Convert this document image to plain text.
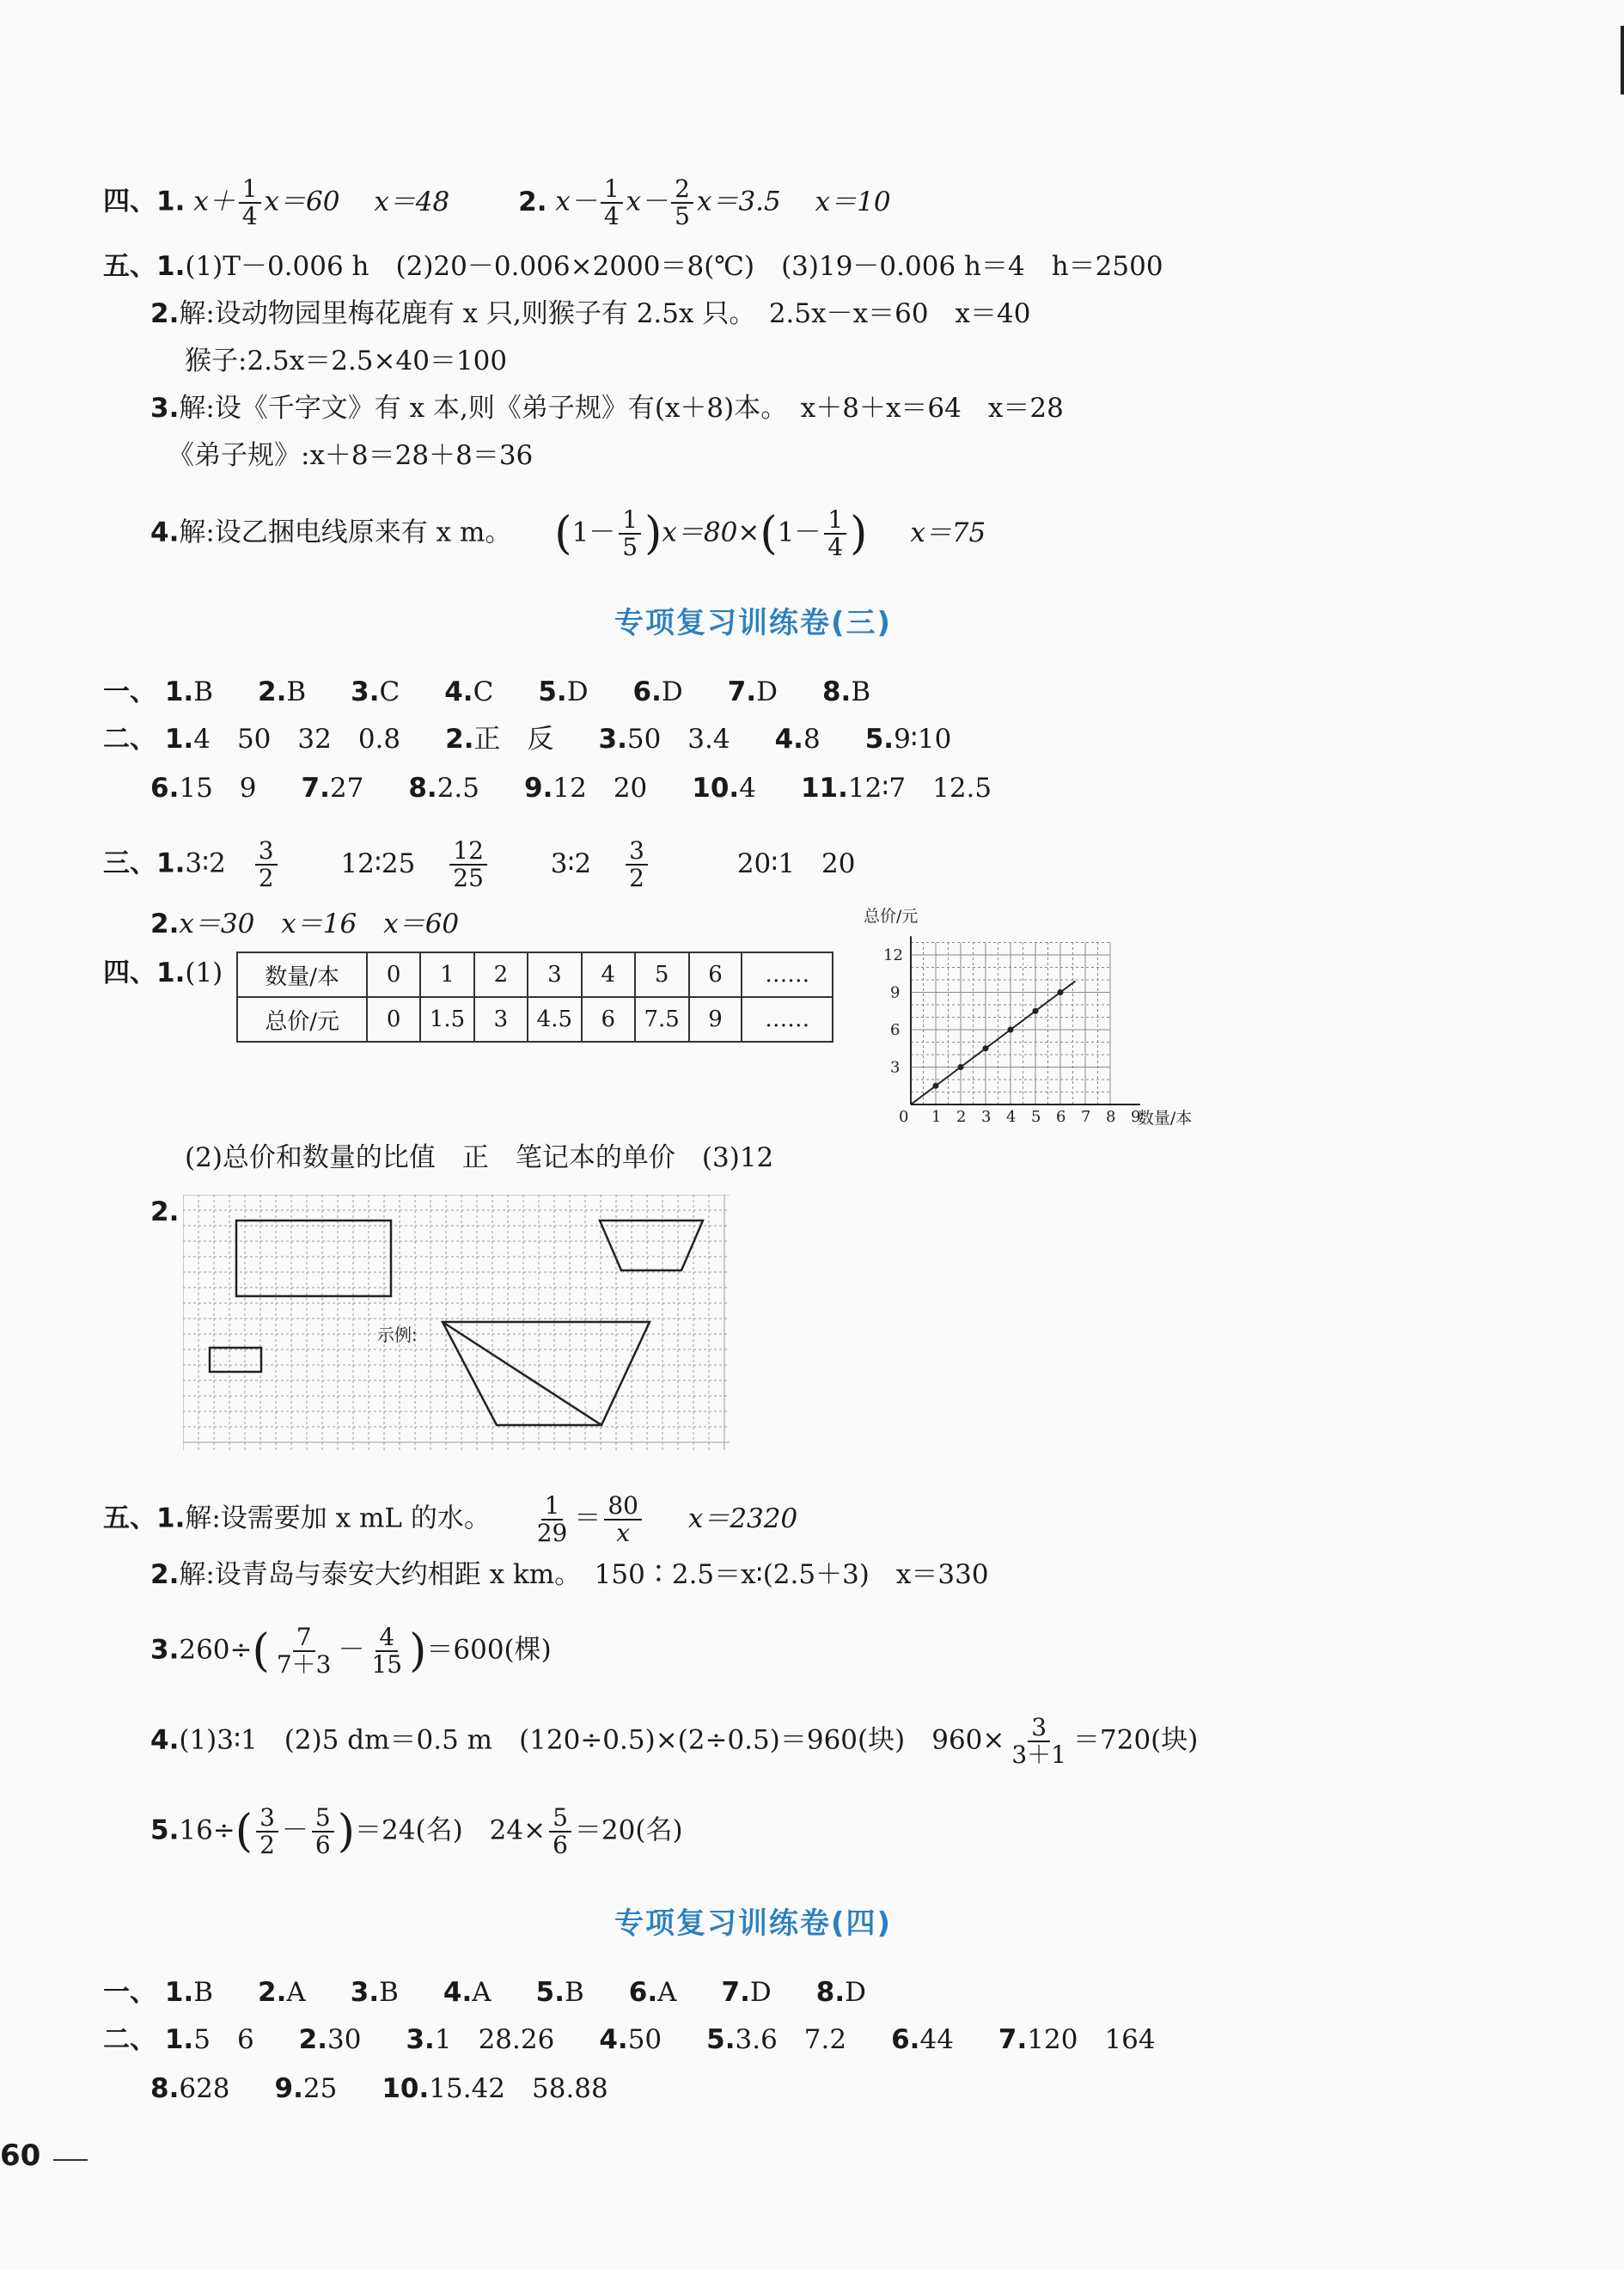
四、1. $x+ \frac{1}{4} x=60$ x＝48	2. $x- \frac{1}{4} x- \frac{2}{5} x=3.5$ x＝10
五、1.(1)T－0.006 h　(2)20－0.006×2000＝8(℃)　(3)19－0.006 h＝4　h＝2500
2.解:设动物园里梅花鹿有 x 只,则猴子有 2.5x 只。　2.5x－x＝60　x＝40
猴子:2.5x＝2.5×40＝100
3.解:设《千字文》有 x 本,则《弟子规》有(x＋8)本。　x＋8＋x＝64　x＝28
《弟子规》:x＋8＝28＋8＝36
4.解:设乙捆电线原来有 x m。 $(1- \frac{1}{5} )x=80\times(1- \frac{1}{4}$ ) x＝75
专项复习训练卷(三)
一、 1.B 2.B 3.C 4.C 5.D 6.D 7.D 8.B
二、 1.4　50　32　0.8 2.正　反 3.50　3.4 4.8 5.9∶10
6.15　9 7.27 8.2.5 9.12　20 10.4 11.12∶7　12.5
三、1.3∶2 $\frac{3}{2}$ 12∶25 $\frac{12}{25}$ 3∶2 $\frac{3}{2}$	20∶1　20
2.x＝30　x＝16　x＝60
四、1.(1) 数量/本	0	1	2	3	4	5	6	……
总价/元	0	1.5	3	4.5	6	7.5	9	……
0 1 2 3 4 5 6 7 8 9
3
6
9
12
总价/元
数量/本
(2)总价和数量的比值　正　笔记本的单价　(3)12
2.
示例:
五、1.解:设需要加 x mL 的水。 $\frac{1}{29} = \frac{80}{x} x=2320$
2.解:设青岛与泰安大约相距 x km。　150∶2.5＝x∶(2.5＋3)　x＝330
$3.260\div( \frac{7}{7+3} - \frac{4}{15} )=600$(棵)
4.(1)3∶1　(2)5 dm＝0.5 m　(120÷0.5)×(2÷0.5)＝960(块)　$960\times \frac{3}{3+1} =720$(块)
$5.16\div( \frac{3}{2} - \frac{5}{6} )=24$(名)　$24\times \frac{5}{6} =20$(名)
专项复习训练卷(四)
一、 1.B 2.A 3.B 4.A 5.B 6.A 7.D 8.D
二、 1.5　6 2.30 3.1　28.26 4.50 5.3.6　7.2 6.44 7.120　164
8.628 9.25 10.15.42　58.88
60
